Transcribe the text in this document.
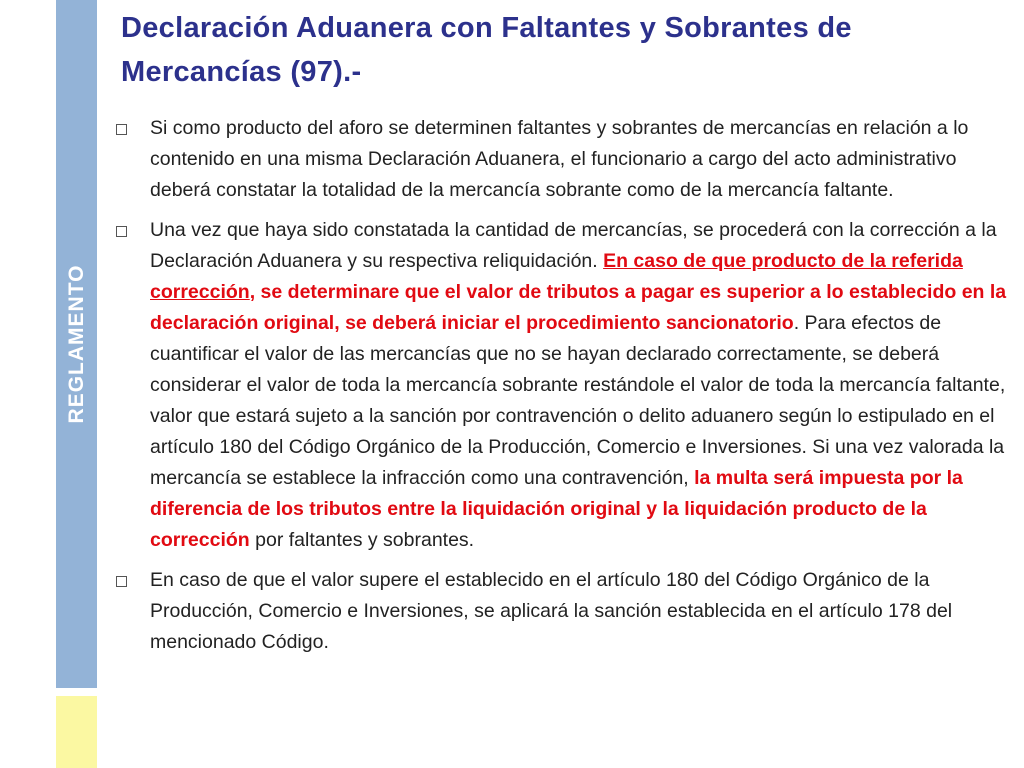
REGLAMENTO
Declaración Aduanera con Faltantes y Sobrantes de Mercancías (97).-
Si como producto del aforo se determinen faltantes y sobrantes de mercancías en relación a lo contenido en una misma Declaración Aduanera, el funcionario a cargo del acto administrativo deberá constatar la totalidad de la mercancía sobrante como de la mercancía faltante.
Una vez que haya sido constatada la cantidad de mercancías, se procederá con la corrección a la Declaración Aduanera y su respectiva reliquidación. En caso de que producto de la referida corrección, se determinare que el valor de tributos a pagar es superior a lo establecido en la declaración original, se deberá iniciar el procedimiento sancionatorio. Para efectos de cuantificar el valor de las mercancías que no se hayan declarado correctamente, se deberá considerar el valor de toda la mercancía sobrante restándole el valor de toda la mercancía faltante, valor que estará sujeto a la sanción por contravención o delito aduanero según lo estipulado en el artículo 180 del Código Orgánico de la Producción, Comercio e Inversiones. Si una vez valorada la mercancía se establece la infracción como una contravención, la multa será impuesta por la diferencia de los tributos entre la liquidación original y la liquidación producto de la corrección por faltantes y sobrantes.
En caso de que el valor supere el establecido en el artículo 180 del Código Orgánico de la Producción, Comercio e Inversiones, se aplicará la sanción establecida en el artículo 178 del mencionado Código.
